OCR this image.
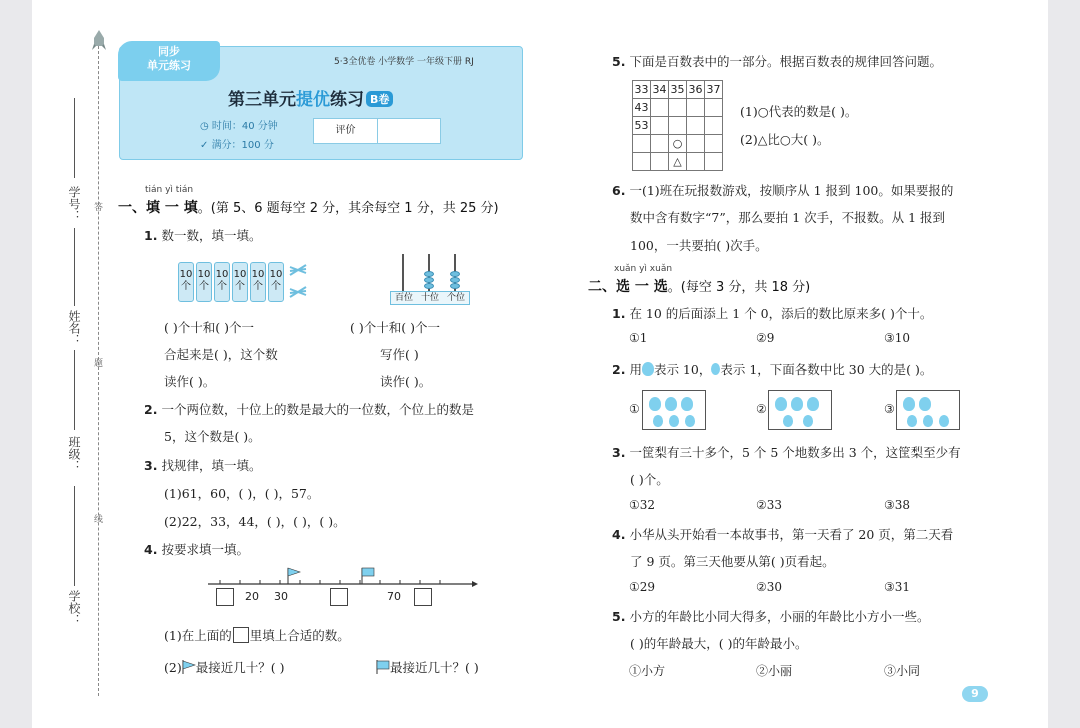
学号：
姓名：
班级：
学校：
答
题
线
同步
单元练习	5·3全优卷 小学数学 一年级下册 RJ
第三单元提优练习 B卷
◷ 时间：40 分钟
✓ 满分：100 分
评价
tián yì tián
一、填 一 填。(第 5、6 题每空 2 分，其余每空 1 分，共 25 分)
1. 数一数，填一填。
10个
10个
10个
10个
10个
10个
百位 十位 个位
( )个十和( )个一
合起来是( )，这个数
读作( )。
( )个十和( )个一
写作( )
读作( )。
2. 一个两位数，十位上的数是最大的一位数，个位上的数是
5，这个数是( )。
3. 找规律，填一填。
(1)61，60，( )，( )，57。
(2)22，33，44，( )，( )，( )。
4. 按要求填一填。
20 30	70
(1)在上面的 里填上合适的数。
(2) 最接近几十？( )	最接近几十？( )
5. 下面是百数表中的一部分。根据百数表的规律回答问题。
33	34	35	36	37
43				
53				
		○		
		△		
(1)○代表的数是( )。
(2)△比○大( )。
6. 一(1)班在玩报数游戏，按顺序从 1 报到 100。如果要报的
数中含有数字“7”，那么要拍 1 次手，不报数。从 1 报到
100，一共要拍( )次手。
xuǎn yì xuǎn
二、选 一 选。(每空 3 分，共 18 分)
1. 在 10 的后面添上 1 个 0，添后的数比原来多( )个十。
①1	②9	③10
2. 用 表示 10， 表示 1，下面各数中比 30 大的是( )。
①	②	③
3. 一筐梨有三十多个，5 个 5 个地数多出 3 个，这筐梨至少有
( )个。
①32	②33	③38
4. 小华从头开始看一本故事书，第一天看了 20 页，第二天看
了 9 页。第三天他要从第( )页看起。
①29	②30	③31
5. 小方的年龄比小同大得多，小丽的年龄比小方小一些。
( )的年龄最大，( )的年龄最小。
①小方	②小丽	③小同
9
